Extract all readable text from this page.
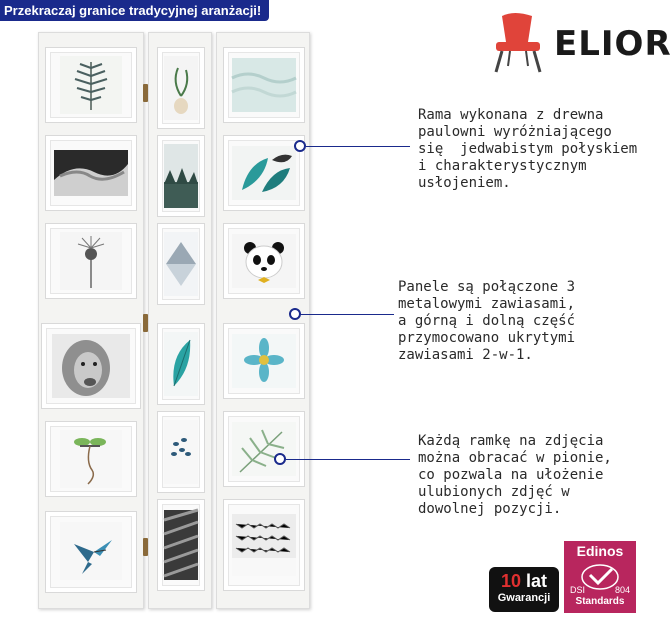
Przekraczaj granice tradycyjnej aranżacji!
ELIOR
Rama wykonana z drewna
paulowni wyróżniającego
się  jedwabistym połyskiem
i charakterystycznym
usłojeniem.
Panele są połączone 3
metalowymi zawiasami,
a górną i dolną część
przymocowano ukrytymi
zawiasami 2-w-1.
Każdą ramkę na zdjęcia
można obracać w pionie,
co pozwala na ułożenie
ulubionych zdjęć w
dowolnej pozycji.
10 lat
Gwarancji
Edinos
DSI	804
Standards
